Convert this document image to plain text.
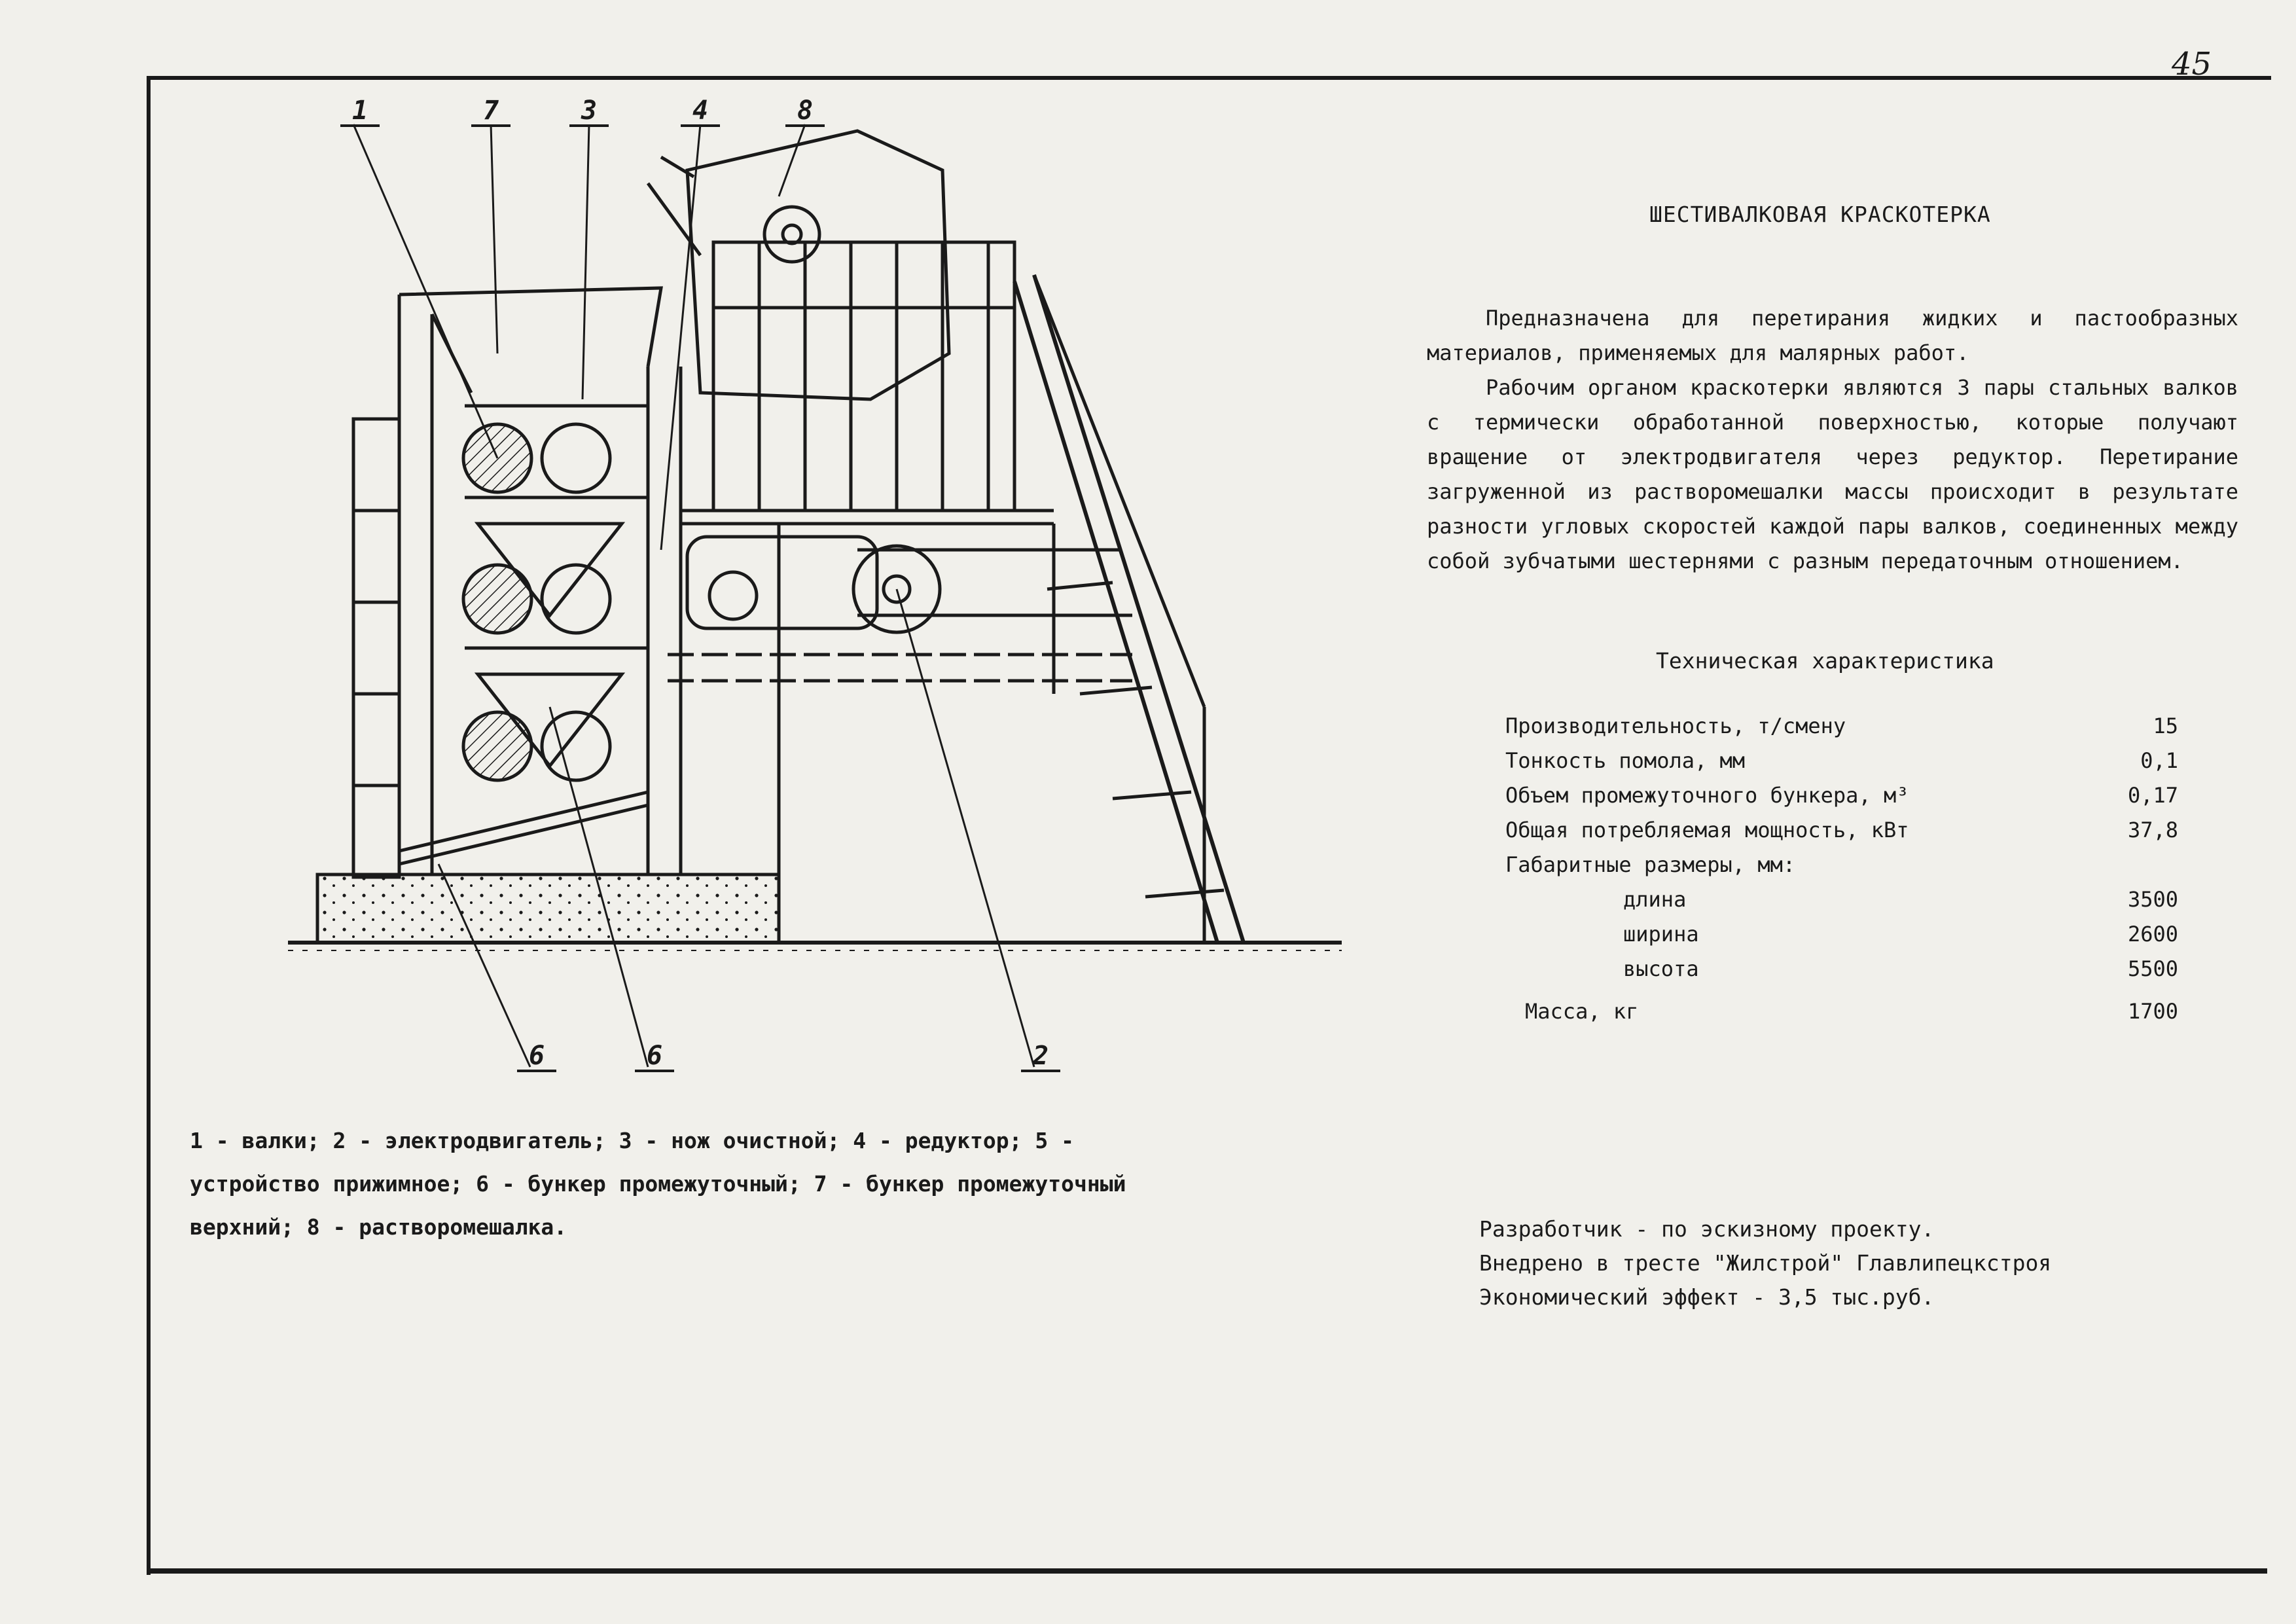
45
1	7	3	4	8
6	6	2
ШЕСТИВАЛКОВАЯ КРАСКОТЕРКА

Предназначена для перетирания жидких и пастообразных материалов, применяемых для малярных работ.

Рабочим органом краскотерки являются 3 пары стальных валков с термически обработанной поверхностью, которые получают вращение от электродвигателя через редуктор. Перетирание загруженной из растворомешалки массы происходит в результате разности угловых скоростей каждой пары валков, соединенных между собой зубчатыми шестернями с разным передаточным отношением.

Техническая характеристика
Производительность, т/смену	15
Тонкость помола, мм	0,1
Объем промежуточного бункера, м³	0,17
Общая потребляемая мощность, кВт	37,8
Габаритные размеры, мм:
длина	3500
ширина	2600
высота	5500
Масса, кг	1700

1 - валки; 2 - электродвигатель; 3 - нож очистной; 4 - редуктор; 5 - устройство прижимное; 6 - бункер промежуточный; 7 - бункер промежуточный верхний; 8 - растворомешалка.	Разработчик - по эскизному проекту.
Внедрено в тресте "Жилстрой" Главлипецкстроя
Экономический эффект - 3,5 тыс.руб.
